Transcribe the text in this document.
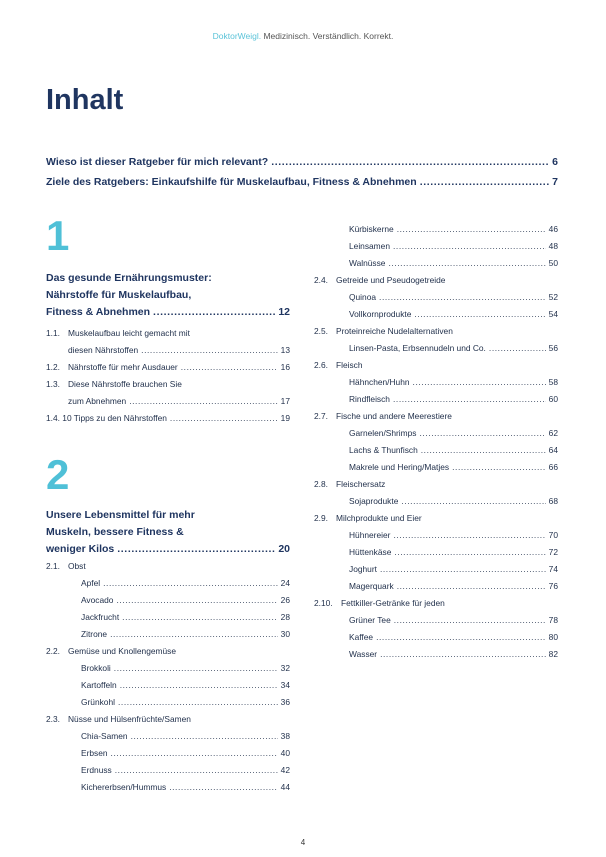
DoktorWeigl. Medizinisch. Verständlich. Korrekt.
Inhalt
Wieso ist dieser Ratgeber für mich relevant? .....	6
Ziele des Ratgebers: Einkaufshilfe für Muskelaufbau, Fitness & Abnehmen .....	7
1
Das gesunde Ernährungsmuster:
Nährstoffe für Muskelaufbau,
Fitness & Abnehmen .....	12
1.1. Muskelaufbau leicht gemacht mit
diesen Nährstoffen .....	13
1.2. Nährstoffe für mehr Ausdauer .....	16
1.3. Diese Nährstoffe brauchen Sie
zum Abnehmen .....	17
1.4. 10 Tipps zu den Nährstoffen .....	19
2
Unsere Lebensmittel für mehr
Muskeln, bessere Fitness &
weniger Kilos .....	20
2.1. Obst
Apfel .....	24
Avocado .....	26
Jackfrucht .....	28
Zitrone .....	30
2.2. Gemüse und Knollengemüse
Brokkoli .....	32
Kartoffeln .....	34
Grünkohl .....	36
2.3. Nüsse und Hülsenfrüchte/Samen
Chia-Samen .....	38
Erbsen .....	40
Erdnuss .....	42
Kichererbsen/Hummus .....	44
Kürbiskerne .....	46
Leinsamen .....	48
Walnüsse .....	50
2.4. Getreide und Pseudogetreide
Quinoa .....	52
Vollkornprodukte .....	54
2.5. Proteinreiche Nudelalternativen
Linsen-Pasta, Erbsennudeln und Co. .....	56
2.6. Fleisch
Hähnchen/Huhn .....	58
Rindfleisch .....	60
2.7. Fische und andere Meerestiere
Garnelen/Shrimps .....	62
Lachs & Thunfisch .....	64
Makrele und Hering/Matjes .....	66
2.8. Fleischersatz
Sojaprodukte .....	68
2.9. Milchprodukte und Eier
Hühnereier .....	70
Hüttenkäse .....	72
Joghurt .....	74
Magerquark .....	76
2.10. Fettkiller-Getränke für jeden
Grüner Tee .....	78
Kaffee .....	80
Wasser .....	82
4
